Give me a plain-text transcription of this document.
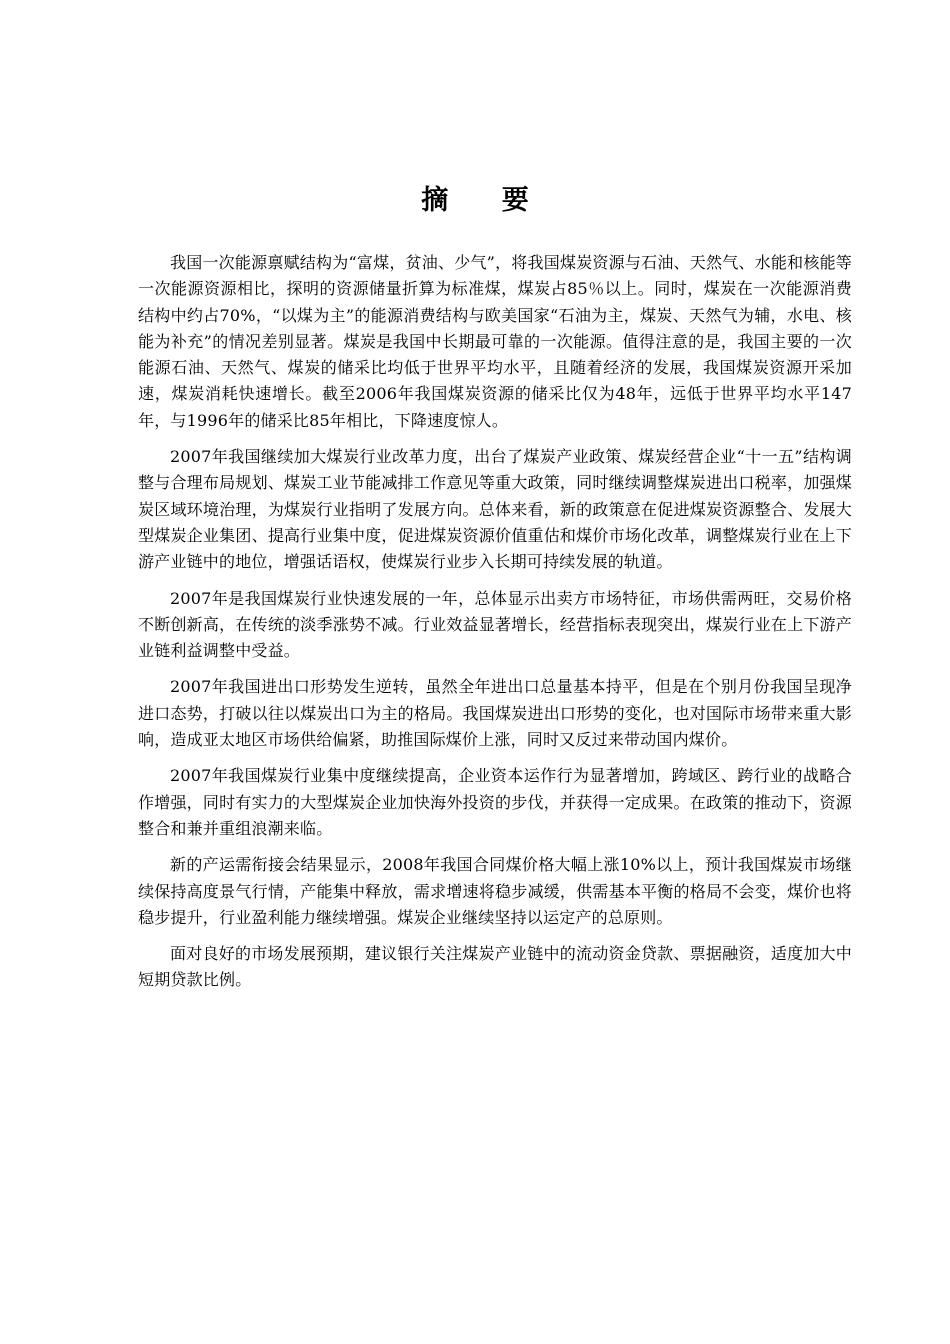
摘 要

我国一次能源禀赋结构为“富煤，贫油、少气”，将我国煤炭资源与石油、天然气、水能和核能等一次能源资源相比，探明的资源储量折算为标准煤，煤炭占85％以上。同时，煤炭在一次能源消费结构中约占70%，“以煤为主”的能源消费结构与欧美国家“石油为主，煤炭、天然气为辅，水电、核能为补充”的情况差别显著。煤炭是我国中长期最可靠的一次能源。值得注意的是，我国主要的一次能源石油、天然气、煤炭的储采比均低于世界平均水平，且随着经济的发展，我国煤炭资源开采加速，煤炭消耗快速增长。截至2006年我国煤炭资源的储采比仅为48年，远低于世界平均水平147年，与1996年的储采比85年相比，下降速度惊人。

2007年我国继续加大煤炭行业改革力度，出台了煤炭产业政策、煤炭经营企业“十一五”结构调整与合理布局规划、煤炭工业节能减排工作意见等重大政策，同时继续调整煤炭进出口税率，加强煤炭区域环境治理，为煤炭行业指明了发展方向。总体来看，新的政策意在促进煤炭资源整合、发展大型煤炭企业集团、提高行业集中度，促进煤炭资源价值重估和煤价市场化改革，调整煤炭行业在上下游产业链中的地位，增强话语权，使煤炭行业步入长期可持续发展的轨道。

2007年是我国煤炭行业快速发展的一年，总体显示出卖方市场特征，市场供需两旺，交易价格不断创新高，在传统的淡季涨势不减。行业效益显著增长，经营指标表现突出，煤炭行业在上下游产业链利益调整中受益。

2007年我国进出口形势发生逆转，虽然全年进出口总量基本持平，但是在个别月份我国呈现净进口态势，打破以往以煤炭出口为主的格局。我国煤炭进出口形势的变化，也对国际市场带来重大影响，造成亚太地区市场供给偏紧，助推国际煤价上涨，同时又反过来带动国内煤价。

2007年我国煤炭行业集中度继续提高，企业资本运作行为显著增加，跨域区、跨行业的战略合作增强，同时有实力的大型煤炭企业加快海外投资的步伐，并获得一定成果。在政策的推动下，资源整合和兼并重组浪潮来临。

新的产运需衔接会结果显示，2008年我国合同煤价格大幅上涨10%以上，预计我国煤炭市场继续保持高度景气行情，产能集中释放，需求增速将稳步减缓，供需基本平衡的格局不会变，煤价也将稳步提升，行业盈利能力继续增强。煤炭企业继续坚持以运定产的总原则。

面对良好的市场发展预期，建议银行关注煤炭产业链中的流动资金贷款、票据融资，适度加大中短期贷款比例。
